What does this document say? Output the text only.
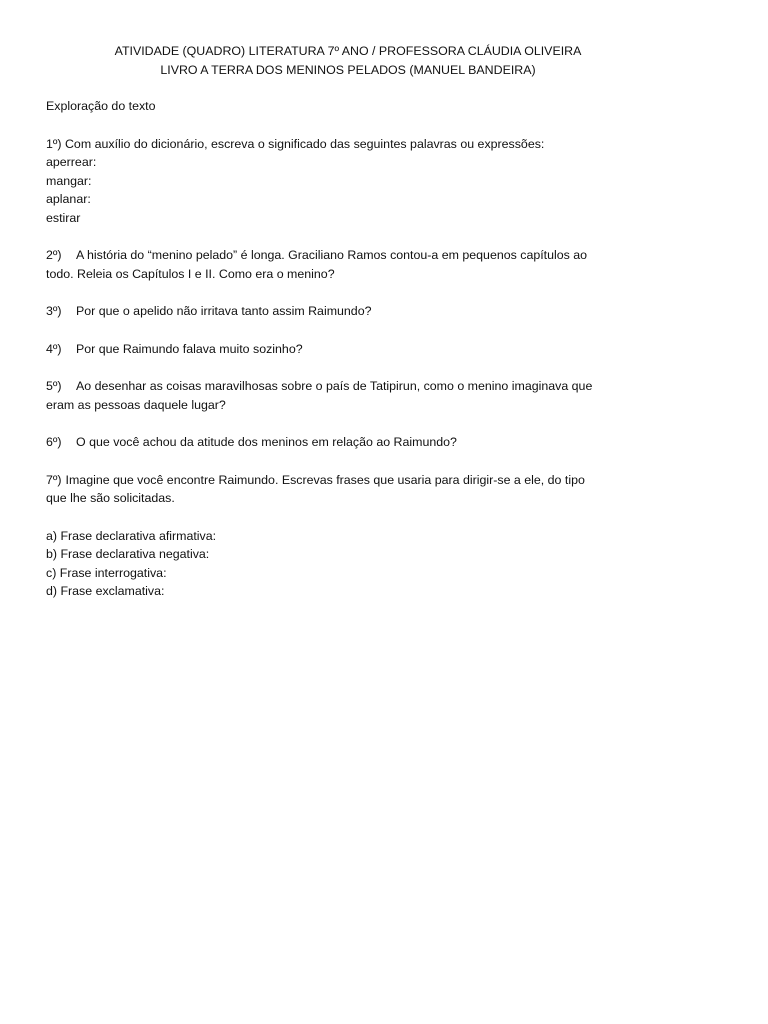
ATIVIDADE (QUADRO) LITERATURA 7º ANO / PROFESSORA CLÁUDIA OLIVEIRA
LIVRO A TERRA DOS MENINOS PELADOS (MANUEL BANDEIRA)
Exploração do texto
1º) Com auxílio do dicionário, escreva o significado das seguintes palavras ou expressões:
aperrear:
mangar:
aplanar:
estirar
2º) A história do “menino pelado” é longa. Graciliano Ramos contou-a em pequenos capítulos ao
todo. Releia os Capítulos I e II. Como era o menino?
3º) Por que o apelido não irritava tanto assim Raimundo?
4º) Por que Raimundo falava muito sozinho?
5º) Ao desenhar as coisas maravilhosas sobre o país de Tatipirun, como o menino imaginava que
eram as pessoas daquele lugar?
6º) O que você achou da atitude dos meninos em relação ao Raimundo?
7º) Imagine que você encontre Raimundo. Escrevas frases que usaria para dirigir-se a ele, do tipo
que lhe são solicitadas.
a) Frase declarativa afirmativa:
b) Frase declarativa negativa:
c) Frase interrogativa:
d) Frase exclamativa:
